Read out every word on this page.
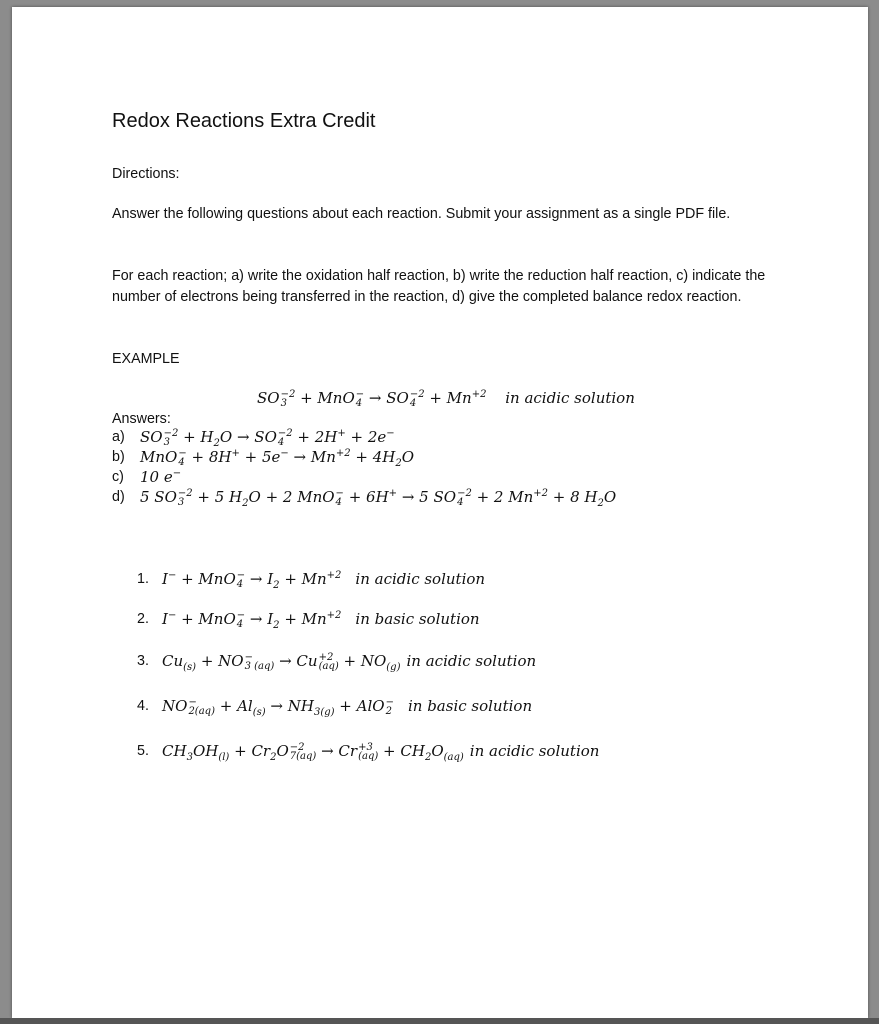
Redox Reactions Extra Credit
Directions:
Answer the following questions about each reaction. Submit your assignment as a single PDF file.
For each reaction; a) write the oxidation half reaction, b) write the reduction half reaction, c) indicate the number of electrons being transferred in the reaction, d) give the completed balance redox reaction.
EXAMPLE
SO −2
3 + MnO −
4 → SO −2
$4 + Mn^{+2}$ in acidic solution
Answers:
a) SO −2
$3 + H_2O$ → SO −2
4 + 2H+ + 2e−
b) MnO −
$4 + 8H^+ + 5e^- \to Mn^{+2} + 4H_2O$
c) 10 e−
d) 5 SO −2
3 + 5 $H_2O + 2$ MnO −
4 + 6H+ → 5 SO −2
4 + 2 $Mn^{+2} + 8$ $H_2O$
1. I− + MnO −
$4 \to I_2 + Mn^{+2}$ in acidic solution
2. I− + MnO −
$4 \to I_2 + Mn^{+2}$ in basic solution
3. $Cu_{(s)}$ + NO −
3 (aq) → Cu +2
$(aq) + NO_{(g)}$ in acidic solution
4. NO −
$2(aq) + Al_{(s)} \to NH_{3(g)}$ + AlO −
2 in basic solution
5. $CH_3OH_{(l)} + Cr_2O -2$
7(aq) → Cr +3
$(aq) + CH_2O_{(aq)}$ in acidic solution
